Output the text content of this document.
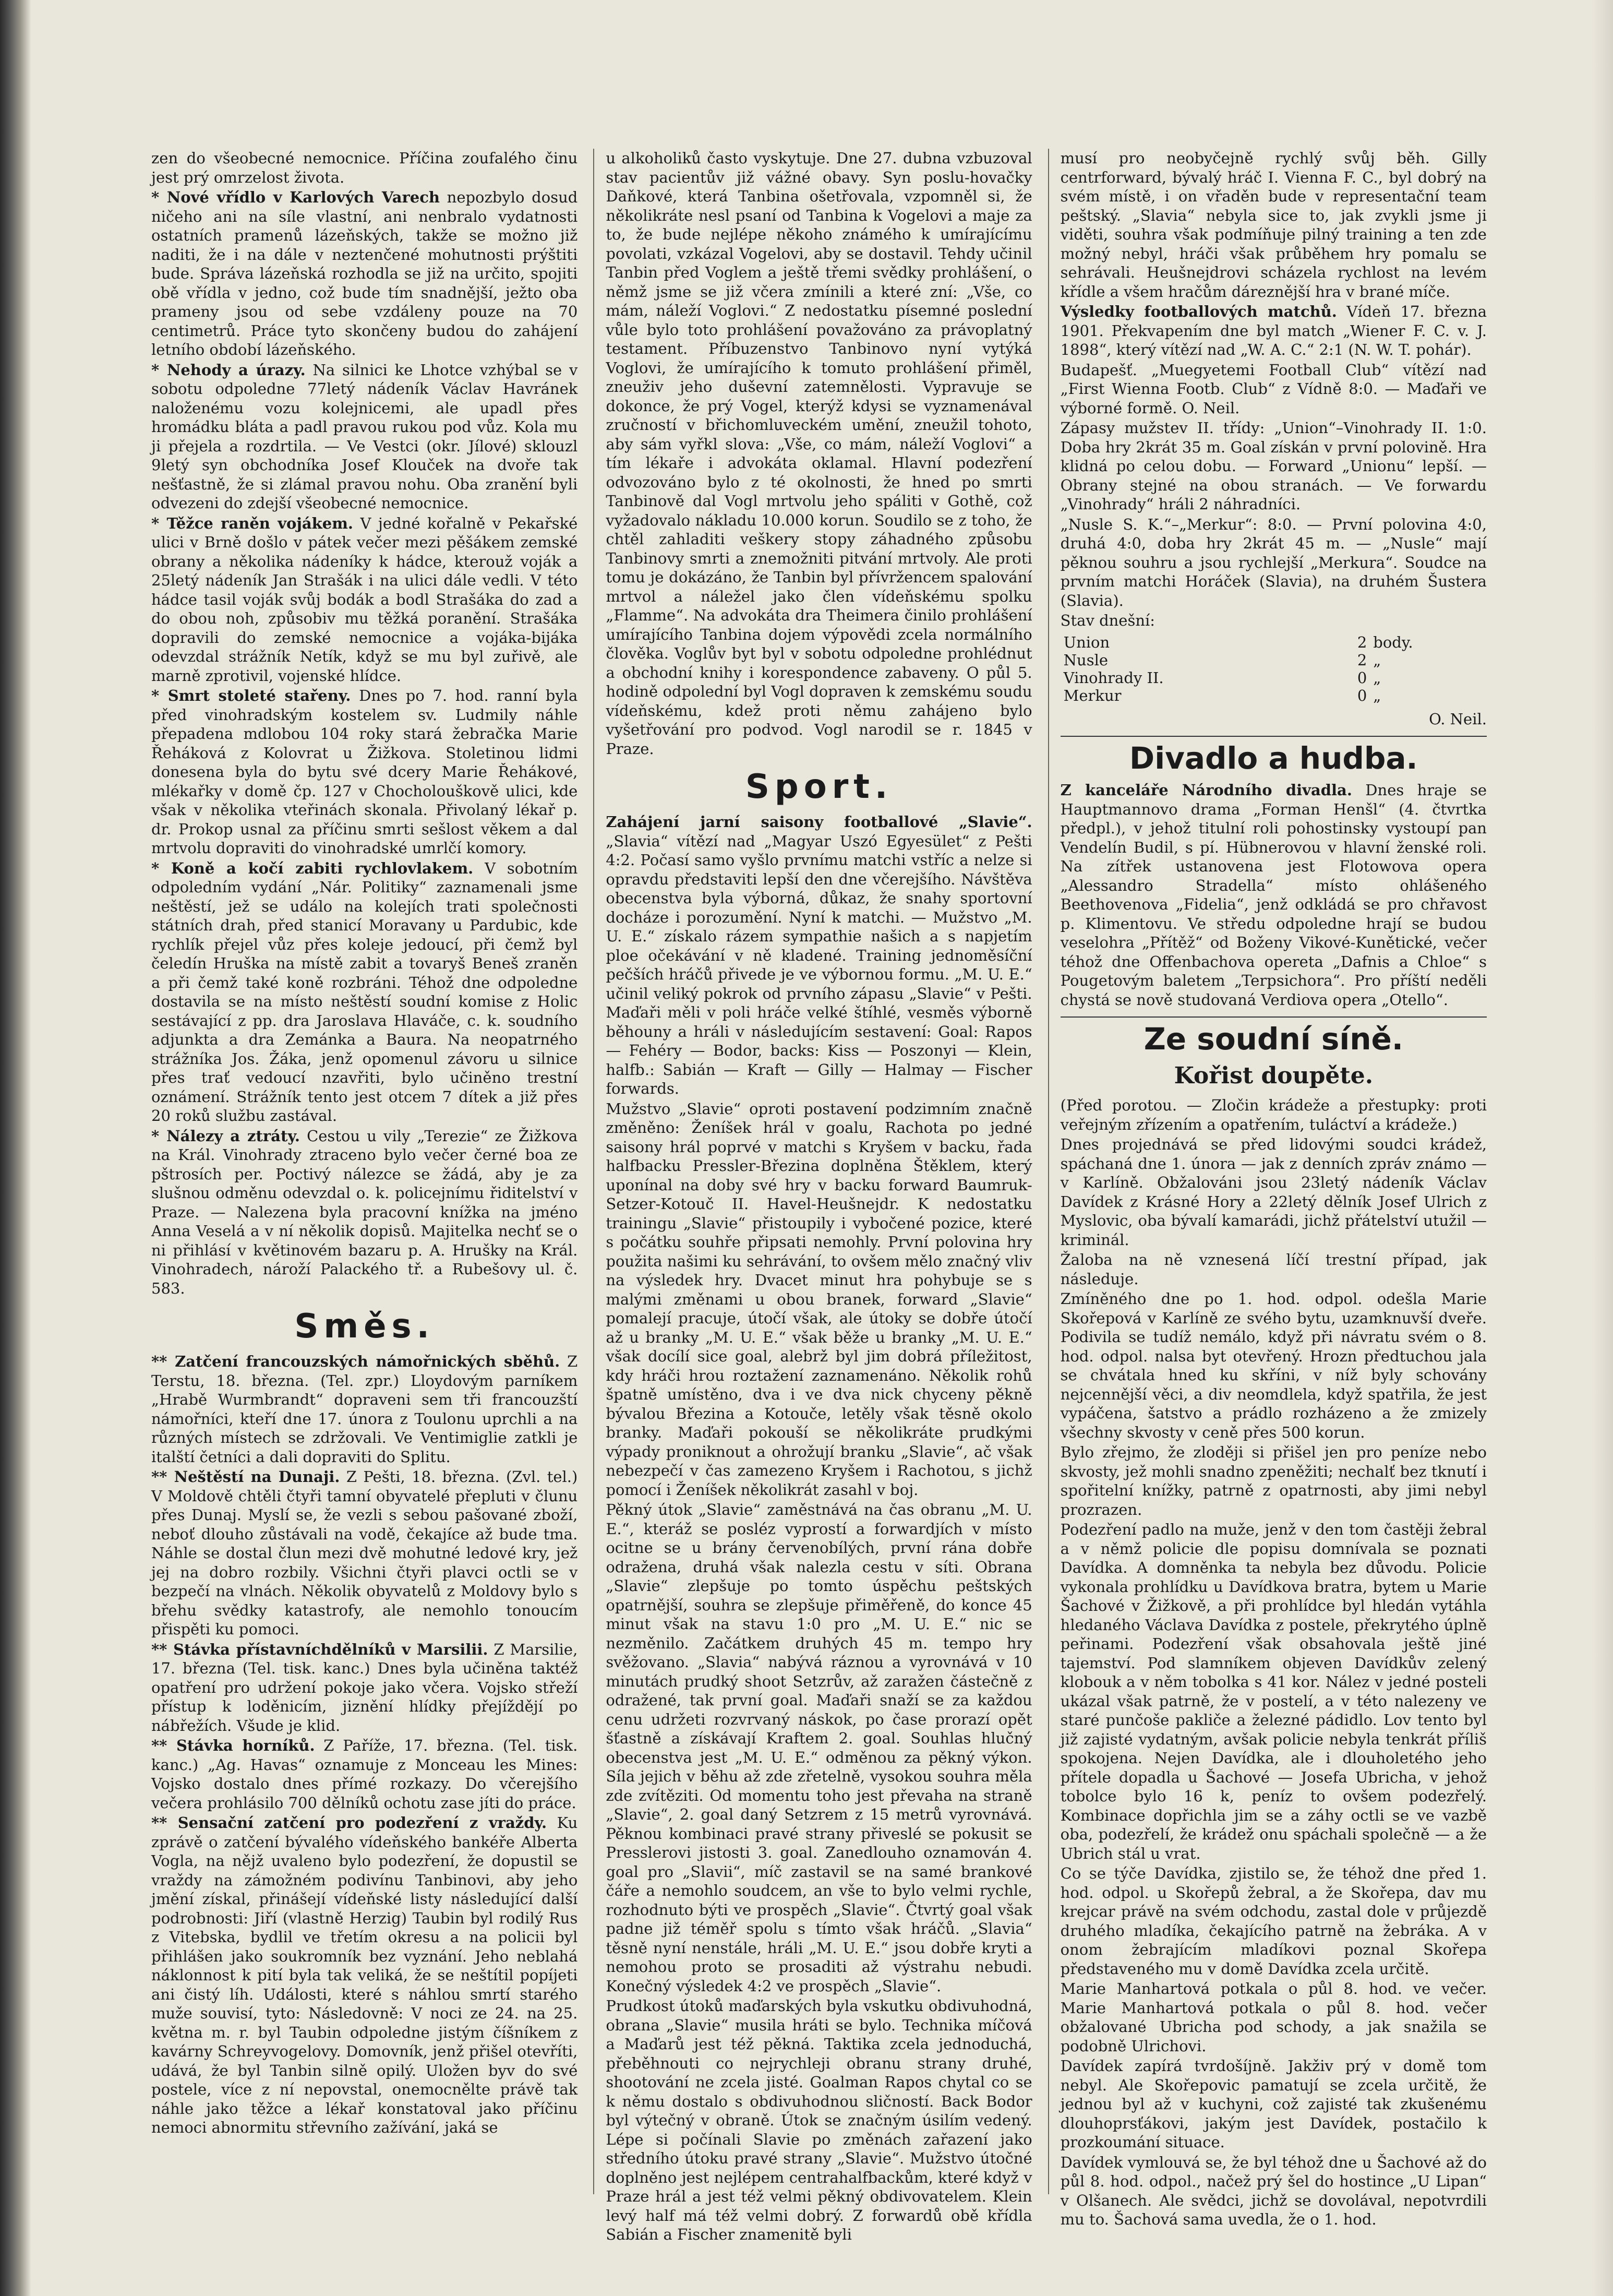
zen do všeobecné nemocnice. Příčina zoufalého činu jest prý omrzelost života.

* Nové vřídlo v Karlových Varech nepozbylo dosud ničeho ani na síle vlastní, ani nenbralo vydatnosti ostatních pramenů lázeňských, takže se možno již naditi, že i na dále v neztenčené mohutnosti prýštiti bude. Správa lázeňská rozhodla se již na určito, spojiti obě vřídla v jedno, což bude tím snadnější, ježto oba prameny jsou od sebe vzdáleny pouze na 70 centimetrů. Práce tyto skončeny budou do zahájení letního období lázeňského.

* Nehody a úrazy. Na silnici ke Lhotce vzhýbal se v sobotu odpoledne 77letý nádeník Václav Havránek naloženému vozu kolejnicemi, ale upadl přes hromádku bláta a padl pravou rukou pod vůz. Kola mu ji přejela a rozdrtila. — Ve Vestci (okr. Jílové) sklouzl 9letý syn obchodníka Josef Klouček na dvoře tak nešťastně, že si zlámal pravou nohu. Oba zranění byli odvezeni do zdejší všeobecné nemocnice.

* Těžce raněn vojákem. V jedné kořalně v Pekařské ulici v Brně došlo v pátek večer mezi pěšákem zemské obrany a několika nádeníky k hádce, kterouž voják a 25letý nádeník Jan Strašák i na ulici dále vedli. V této hádce tasil voják svůj bodák a bodl Strašáka do zad a do obou noh, způsobiv mu těžká poranění. Strašáka dopravili do zemské nemocnice a vojáka-bijáka odevzdal strážník Netík, když se mu byl zuřivě, ale marně zprotivil, vojenské hlídce.

* Smrt stoleté stařeny. Dnes po 7. hod. ranní byla před vinohradským kostelem sv. Ludmily náhle přepadena mdlobou 104 roky stará žebračka Marie Řeháková z Kolovrat u Žižkova. Stoletinou lidmi donesena byla do bytu své dcery Marie Řehákové, mlékařky v domě čp. 127 v Chocholouškově ulici, kde však v několika vteřinách skonala. Přivolaný lékař p. dr. Prokop usnal za příčinu smrti sešlost věkem a dal mrtvolu dopraviti do vinohradské umrlčí komory.

* Koně a kočí zabiti rychlovlakem. V sobotním odpoledním vydání „Nár. Politiky“ zaznamenali jsme neštěstí, jež se událo na kolejích trati společnosti státních drah, před stanicí Moravany u Pardubic, kde rychlík přejel vůz přes koleje jedoucí, při čemž byl čeledín Hruška na místě zabit a tovaryš Beneš zraněn a při čemž také koně rozbráni. Téhož dne odpoledne dostavila se na místo neštěstí soudní komise z Holic sestávající z pp. dra Jaroslava Hlaváče, c. k. soudního adjunkta a dra Zemánka a Baura. Na neopatrného strážníka Jos. Žáka, jenž opomenul závoru u silnice přes trať vedoucí nzavřiti, bylo učiněno trestní oznámení. Strážník tento jest otcem 7 dítek a již přes 20 roků službu zastával.

* Nálezy a ztráty. Cestou u vily „Terezie“ ze Žižkova na Král. Vinohrady ztraceno bylo večer černé boa ze pštrosích per. Poctivý nálezce se žádá, aby je za slušnou odměnu odevzdal o. k. policejnímu řiditelství v Praze. — Nalezena byla pracovní knížka na jméno Anna Veselá a v ní několik dopisů. Majitelka nechť se o ni přihlásí v květinovém bazaru p. A. Hrušky na Král. Vinohradech, nároží Palackého tř. a Rubešovy ul. č. 583.

Směs.

** Zatčení francouzských námořnických sběhů. Z Terstu, 18. března. (Tel. zpr.) Lloydovým parníkem „Hrabě Wurmbrandt“ dopraveni sem tři francouzští námořníci, kteří dne 17. února z Toulonu uprchli a na různých místech se zdržovali. Ve Ventimiglie zatkli je italští četníci a dali dopraviti do Splitu.

** Neštěstí na Dunaji. Z Pešti, 18. března. (Zvl. tel.) V Moldově chtěli čtyři tamní obyvatelé přepluti v člunu přes Dunaj. Myslí se, že vezli s sebou pašované zboží, neboť dlouho zůstávali na vodě, čekajíce až bude tma. Náhle se dostal člun mezi dvě mohutné ledové kry, jež jej na dobro rozbily. Všichni čtyři plavci octli se v bezpečí na vlnách. Několik obyvatelů z Moldovy bylo s břehu svědky katastrofy, ale nemohlo tonoucím přispěti ku pomoci.

** Stávka přístavníchdělníků v Marsilii. Z Marsilie, 17. března (Tel. tisk. kanc.) Dnes byla učiněna taktéž opatření pro udržení pokoje jako včera. Vojsko střeží přístup k loděnicím, jiznění hlídky přejíždějí po nábřežích. Všude je klid.

** Stávka horníků. Z Paříže, 17. března. (Tel. tisk. kanc.) „Ag. Havas“ oznamuje z Monceau les Mines: Vojsko dostalo dnes přímé rozkazy. Do včerejšího večera prohlásilo 700 dělníků ochotu zase jíti do práce.

** Sensační zatčení pro podezření z vraždy. Ku zprávě o zatčení bývalého vídeňského bankéře Alberta Vogla, na nějž uvaleno bylo podezření, že dopustil se vraždy na zámožném podivínu Tanbinovi, aby jeho jmění získal, přinášejí vídeňské listy následující další podrobnosti: Jiří (vlastně Herzig) Taubin byl rodilý Rus z Vitebska, bydlil ve třetím okresu a na policii byl přihlášen jako soukromník bez vyznání. Jeho neblahá náklonnost k pití byla tak veliká, že se neštítil popíjeti ani čistý líh. Události, které s náhlou smrtí starého muže souvisí, tyto: Následovně: V noci ze 24. na 25. května m. r. byl Taubin odpoledne jistým číšníkem z kavárny Schreyvogelovy. Domovník, jenž přišel otevříti, udává, že byl Tanbin silně opilý. Uložen byv do své postele, více z ní nepovstal, onemocnělte právě tak náhle jako těžce a lékař konstatoval jako příčinu nemoci abnormitu střevního zažívání, jaká se

u alkoholiků často vyskytuje. Dne 27. dubna vzbuzoval stav pacientův již vážné obavy. Syn poslu-hovačky Daňkové, která Tanbina ošetřovala, vzpomněl si, že několikráte nesl psaní od Tanbina k Vogelovi a maje za to, že bude nejlépe někoho známého k umírajícímu povolati, vzkázal Vogelovi, aby se dostavil. Tehdy učinil Tanbin před Voglem a ještě třemi svědky prohlášení, o němž jsme se již včera zmínili a které zní: „Vše, co mám, náleží Voglovi.“ Z nedostatku písemné poslední vůle bylo toto prohlášení považováno za právoplatný testament. Příbuzenstvo Tanbinovo nyní vytýká Voglovi, že umírajícího k tomuto prohlášení přiměl, zneuživ jeho duševní zatemnělosti. Vypravuje se dokonce, že prý Vogel, kterýž kdysi se vyznamenával zručností v břichomluveckém umění, zneužil tohoto, aby sám vyřkl slova: „Vše, co mám, náleží Voglovi“ a tím lékaře i advokáta oklamal. Hlavní podezření odvozováno bylo z té okolnosti, že hned po smrti Tanbinově dal Vogl mrtvolu jeho spáliti v Gothě, což vyžadovalo nákladu 10.000 korun. Soudilo se z toho, že chtěl zahladiti veškery stopy záhadného způsobu Tanbinovy smrti a znemožniti pitvání mrtvoly. Ale proti tomu je dokázáno, že Tanbin byl přívržencem spalování mrtvol a náležel jako člen vídeňskému spolku „Flamme“. Na advokáta dra Theimera činilo prohlášení umírajícího Tanbina dojem výpovědi zcela normálního člověka. Voglův byt byl v sobotu odpoledne prohlédnut a obchodní knihy i korespondence zabaveny. O půl 5. hodině odpolední byl Vogl dopraven k zemskému soudu vídeňskému, kdež proti němu zahájeno bylo vyšetřování pro podvod. Vogl narodil se r. 1845 v Praze.

Sport.

Zahájení jarní saisony footballové „Slavie“. „Slavia“ vítězí nad „Magyar Uszó Egyesület“ z Pešti 4:2. Počasí samo vyšlo prvnímu matchi vstříc a nelze si opravdu představiti lepší den dne včerejšího. Návštěva obecenstva byla výborná, důkaz, že snahy sportovní docháze i porozumění. Nyní k matchi. — Mužstvo „M. U. E.“ získalo rázem sympathie našich a s napjetím ploe očekávání v ně kladené. Training jednoměsíční pečších hráčů přivede je ve výbornou formu. „M. U. E.“ učinil veliký pokrok od prvního zápasu „Slavie“ v Pešti. Maďaři měli v poli hráče velké štíhlé, vesměs výborně běhouny a hráli v následujícím sestavení: Goal: Rapos — Fehéry — Bodor, backs: Kiss — Poszonyi — Klein, halfb.: Sabián — Kraft — Gilly — Halmay — Fischer forwards.

Mužstvo „Slavie“ oproti postavení podzimním značně změněno: Ženíšek hrál v goalu, Rachota po jedné saisony hrál poprvé v matchi s Kryšem v backu, řada halfbacku Pressler-Březina doplněna Štěklem, který uponínal na doby své hry v backu forward Baumruk-Setzer-Kotouč II. Havel-Heušnejdr. K nedostatku trainingu „Slavie“ přistoupily i vybočené pozice, které s počátku souhře připsati nemohly. První polovina hry použita našimi ku sehrávání, to ovšem mělo značný vliv na výsledek hry. Dvacet minut hra pohybuje se s malými změnami u obou branek, forward „Slavie“ pomalejí pracuje, útočí však, ale útoky se dobře útočí až u branky „M. U. E.“ však běže u branky „M. U. E.“ však docílí sice goal, alebrž byl jim dobrá příležitost, kdy hráči hrou roztažení zaznamenáno. Několik rohů špatně umístěno, dva i ve dva nick chyceny pěkně bývalou Březina a Kotouče, letěly však těsně okolo branky. Maďaři pokouší se několikráte prudkými výpady proniknout a ohrožují branku „Slavie“, ač však nebezpečí v čas zamezeno Kryšem i Rachotou, s jichž pomocí i Ženíšek několikrát zasahl v boj.

Pěkný útok „Slavie“ zaměstnává na čas obranu „M. U. E.“, kteráž se posléz vyprostí a forwardjích v místo ocitne se u brány červenobílých, první rána dobře odražena, druhá však nalezla cestu v síti. Obrana „Slavie“ zlepšuje po tomto úspěchu peštských opatrnější, souhra se zlepšuje přiměřeně, do konce 45 minut však na stavu 1:0 pro „M. U. E.“ nic se nezměnilo. Začátkem druhých 45 m. tempo hry svěžovano. „Slavia“ nabývá ráznou a vyrovnává v 10 minutách prudký shoot Setzrův, až zaražen částečně z odražené, tak první goal. Maďaři snaží se za každou cenu udržeti rozvrvaný náskok, po čase prorazí opět šťastně a získávají Kraftem 2. goal. Souhlas hlučný obecenstva jest „M. U. E.“ odměnou za pěkný výkon. Síla jejich v běhu až zde zřetelně, vysokou souhra měla zde zvítěziti. Od momentu toho jest převaha na straně „Slavie“, 2. goal daný Setzrem z 15 metrů vyrovnává. Pěknou kombinaci pravé strany přiveslé se pokusit se Presslerovi jistosti 3. goal. Zanedlouho oznamován 4. goal pro „Slavii“, míč zastavil se na samé brankové čáře a nemohlo soudcem, an vše to bylo velmi rychle, rozhodnuto býti ve prospěch „Slavie“. Čtvrtý goal však padne již téměř spolu s tímto však hráčů. „Slavia“ těsně nyní nenstále, hráli „M. U. E.“ jsou dobře kryti a nemohou proto se prosaditi až výstrahu nebudi. Konečný výsledek 4:2 ve prospěch „Slavie“.

Prudkost útoků maďarských byla vskutku obdivuhodná, obrana „Slavie“ musila hráti se bylo. Technika míčová a Maďarů jest též pěkná. Taktika zcela jednoduchá, přeběhnouti co nejrychleji obranu strany druhé, shootování ne zcela jisté. Goalman Rapos chytal co se k němu dostalo s obdivuhodnou sličností. Back Bodor byl výtečný v obraně. Útok se značným úsilím vedený. Lépe si počínali Slavie po změnách zařazení jako středního útoku pravé strany „Slavie“. Mužstvo útočné doplněno jest nejlépem centrahalfbackům, které když v Praze hrál a jest též velmi pěkný obdivovatelem. Klein levý half má též velmi dobrý. Z forwardů obě křídla Sabián a Fischer znamenitě byli

musí pro neobyčejně rychlý svůj běh. Gilly centrforward, bývalý hráč I. Vienna F. C., byl dobrý na svém místě, i on vřaděn bude v representační team peštský. „Slavia“ nebyla sice to, jak zvykli jsme ji viděti, souhra však podmíňuje pilný training a ten zde možný nebyl, hráči však průběhem hry pomalu se sehrávali. Heušnejdrovi scházela rychlost na levém křídle a všem hračům dáreznější hra v brané míče.

Výsledky footballových matchů. Vídeň 17. března 1901. Překvapením dne byl match „Wiener F. C. v. J. 1898“, který vítězí nad „W. A. C.“ 2:1 (N. W. T. pohár).

Budapešť. „Muegyetemi Football Club“ vítězí nad „First Wienna Footb. Club“ z Vídně 8:0. — Maďaři ve výborné formě. O. Neil.

Zápasy mužstev II. třídy: „Union“–Vinohrady II. 1:0. Doba hry 2krát 35 m. Goal získán v první polovině. Hra klidná po celou dobu. — Forward „Unionu“ lepší. — Obrany stejné na obou stranách. — Ve forwardu „Vinohrady“ hráli 2 náhradníci.

„Nusle S. K.“–„Merkur“: 8:0. — První polovina 4:0, druhá 4:0, doba hry 2krát 45 m. — „Nusle“ mají pěknou souhru a jsou rychlejší „Merkura“. Soudce na prvním matchi Horáček (Slavia), na druhém Šustera (Slavia).

Stav dnešní:

Union	2	body.
Nusle	2	„
Vinohrady II.	0	„
Merkur	0	„

O. Neil.

Divadlo a hudba.

Z kanceláře Národního divadla. Dnes hraje se Hauptmannovo drama „Forman Henšl“ (4. čtvrtka předpl.), v jehož titulní roli pohostinsky vystoupí pan Vendelín Budil, s pí. Hübnerovou v hlavní ženské roli. Na zítřek ustanovena jest Flotowova opera „Alessandro Stradella“ místo ohlášeného Beethovenova „Fidelia“, jenž odkládá se pro chřavost p. Klimentovu. Ve středu odpoledne hrají se budou veselohra „Přítěž“ od Boženy Vikové-Kunětické, večer téhož dne Offenbachova opereta „Dafnis a Chloe“ s Pougetovým baletem „Terpsichora“. Pro příští neděli chystá se nově studovaná Verdiova opera „Otello“.

Ze soudní síně.
Kořist doupěte.

(Před porotou. — Zločin krádeže a přestupky: proti veřejným zřízením a opatřením, tuláctví a krádeže.)

Dnes projednává se před lidovými soudci krádež, spáchaná dne 1. února — jak z denních zpráv známo — v Karlíně. Obžalováni jsou 23letý nádeník Václav Davídek z Krásné Hory a 22letý dělník Josef Ulrich z Myslovic, oba bývalí kamarádi, jichž přátelství utužil — kriminál.

Žaloba na ně vznesená líčí trestní případ, jak následuje.

Zmíněného dne po 1. hod. odpol. odešla Marie Skořepová v Karlíně ze svého bytu, uzamknuvší dveře. Podivila se tudíž nemálo, když při návratu svém o 8. hod. odpol. nalsa byt otevřený. Hrozn předtuchou jala se chvátala hned ku skříni, v níž byly schovány nejcennější věci, a div neomdlela, když spatřila, že jest vypáčena, šatstvo a prádlo rozházeno a že zmizely všechny skvosty v ceně přes 500 korun.

Bylo zřejmo, že zloději si přišel jen pro peníze nebo skvosty, jež mohli snadno zpeněžiti; nechalť bez tknutí i spořitelní knížky, patrně z opatrnosti, aby jimi nebyl prozrazen.

Podezření padlo na muže, jenž v den tom častěji žebral a v němž policie dle popisu domnívala se poznati Davídka. A domněnka ta nebyla bez důvodu. Policie vykonala prohlídku u Davídkova bratra, bytem u Marie Šachové v Žižkově, a při prohlídce byl hledán vytáhla hledaného Václava Davídka z postele, překrytého úplně peřinami. Podezření však obsahovala ještě jiné tajemství. Pod slamníkem objeven Davídkův zelený klobouk a v něm tobolka s 41 kor. Nález v jedné posteli ukázal však patrně, že v postelí, a v této nalezeny ve staré punčoše pakliče a železné pádidlo. Lov tento byl již zajisté vydatným, avšak policie nebyla tenkrát příliš spokojena. Nejen Davídka, ale i dlouholetého jeho přítele dopadla u Šachové — Josefa Ubricha, v jehož tobolce bylo 16 k, peníz to ovšem podezřelý. Kombinace dopřichla jim se a záhy octli se ve vazbě oba, podezřelí, že krádež onu spáchali společně — a že Ubrich stál u vrat.

Co se týče Davídka, zjistilo se, že téhož dne před 1. hod. odpol. u Skořepů žebral, a že Skořepa, dav mu krejcar právě na svém odchodu, zastal dole v průjezdě druhého mladíka, čekajícího patrně na žebráka. A v onom žebrajícím mladíkovi poznal Skořepa představeného mu v domě Davídka zcela určitě.

Marie Manhartová potkala o půl 8. hod. ve večer. Marie Manhartová potkala o půl 8. hod. večer obžalované Ubricha pod schody, a jak snažila se podobně Ulrichovi.

Davídek zapírá tvrdošíjně. Jakživ prý v domě tom nebyl. Ale Skořepovic pamatují se zcela určitě, že jednou byl až v kuchyni, což zajisté tak zkušenému dlouhoprsťákovi, jakým jest Davídek, postačilo k prozkoumání situace.

Davídek vymlouvá se, že byl téhož dne u Šachové až do půl 8. hod. odpol., načež prý šel do hostince „U Lipan“ v Olšanech. Ale svědci, jichž se dovolával, nepotvrdili mu to. Šachová sama uvedla, že o 1. hod.
